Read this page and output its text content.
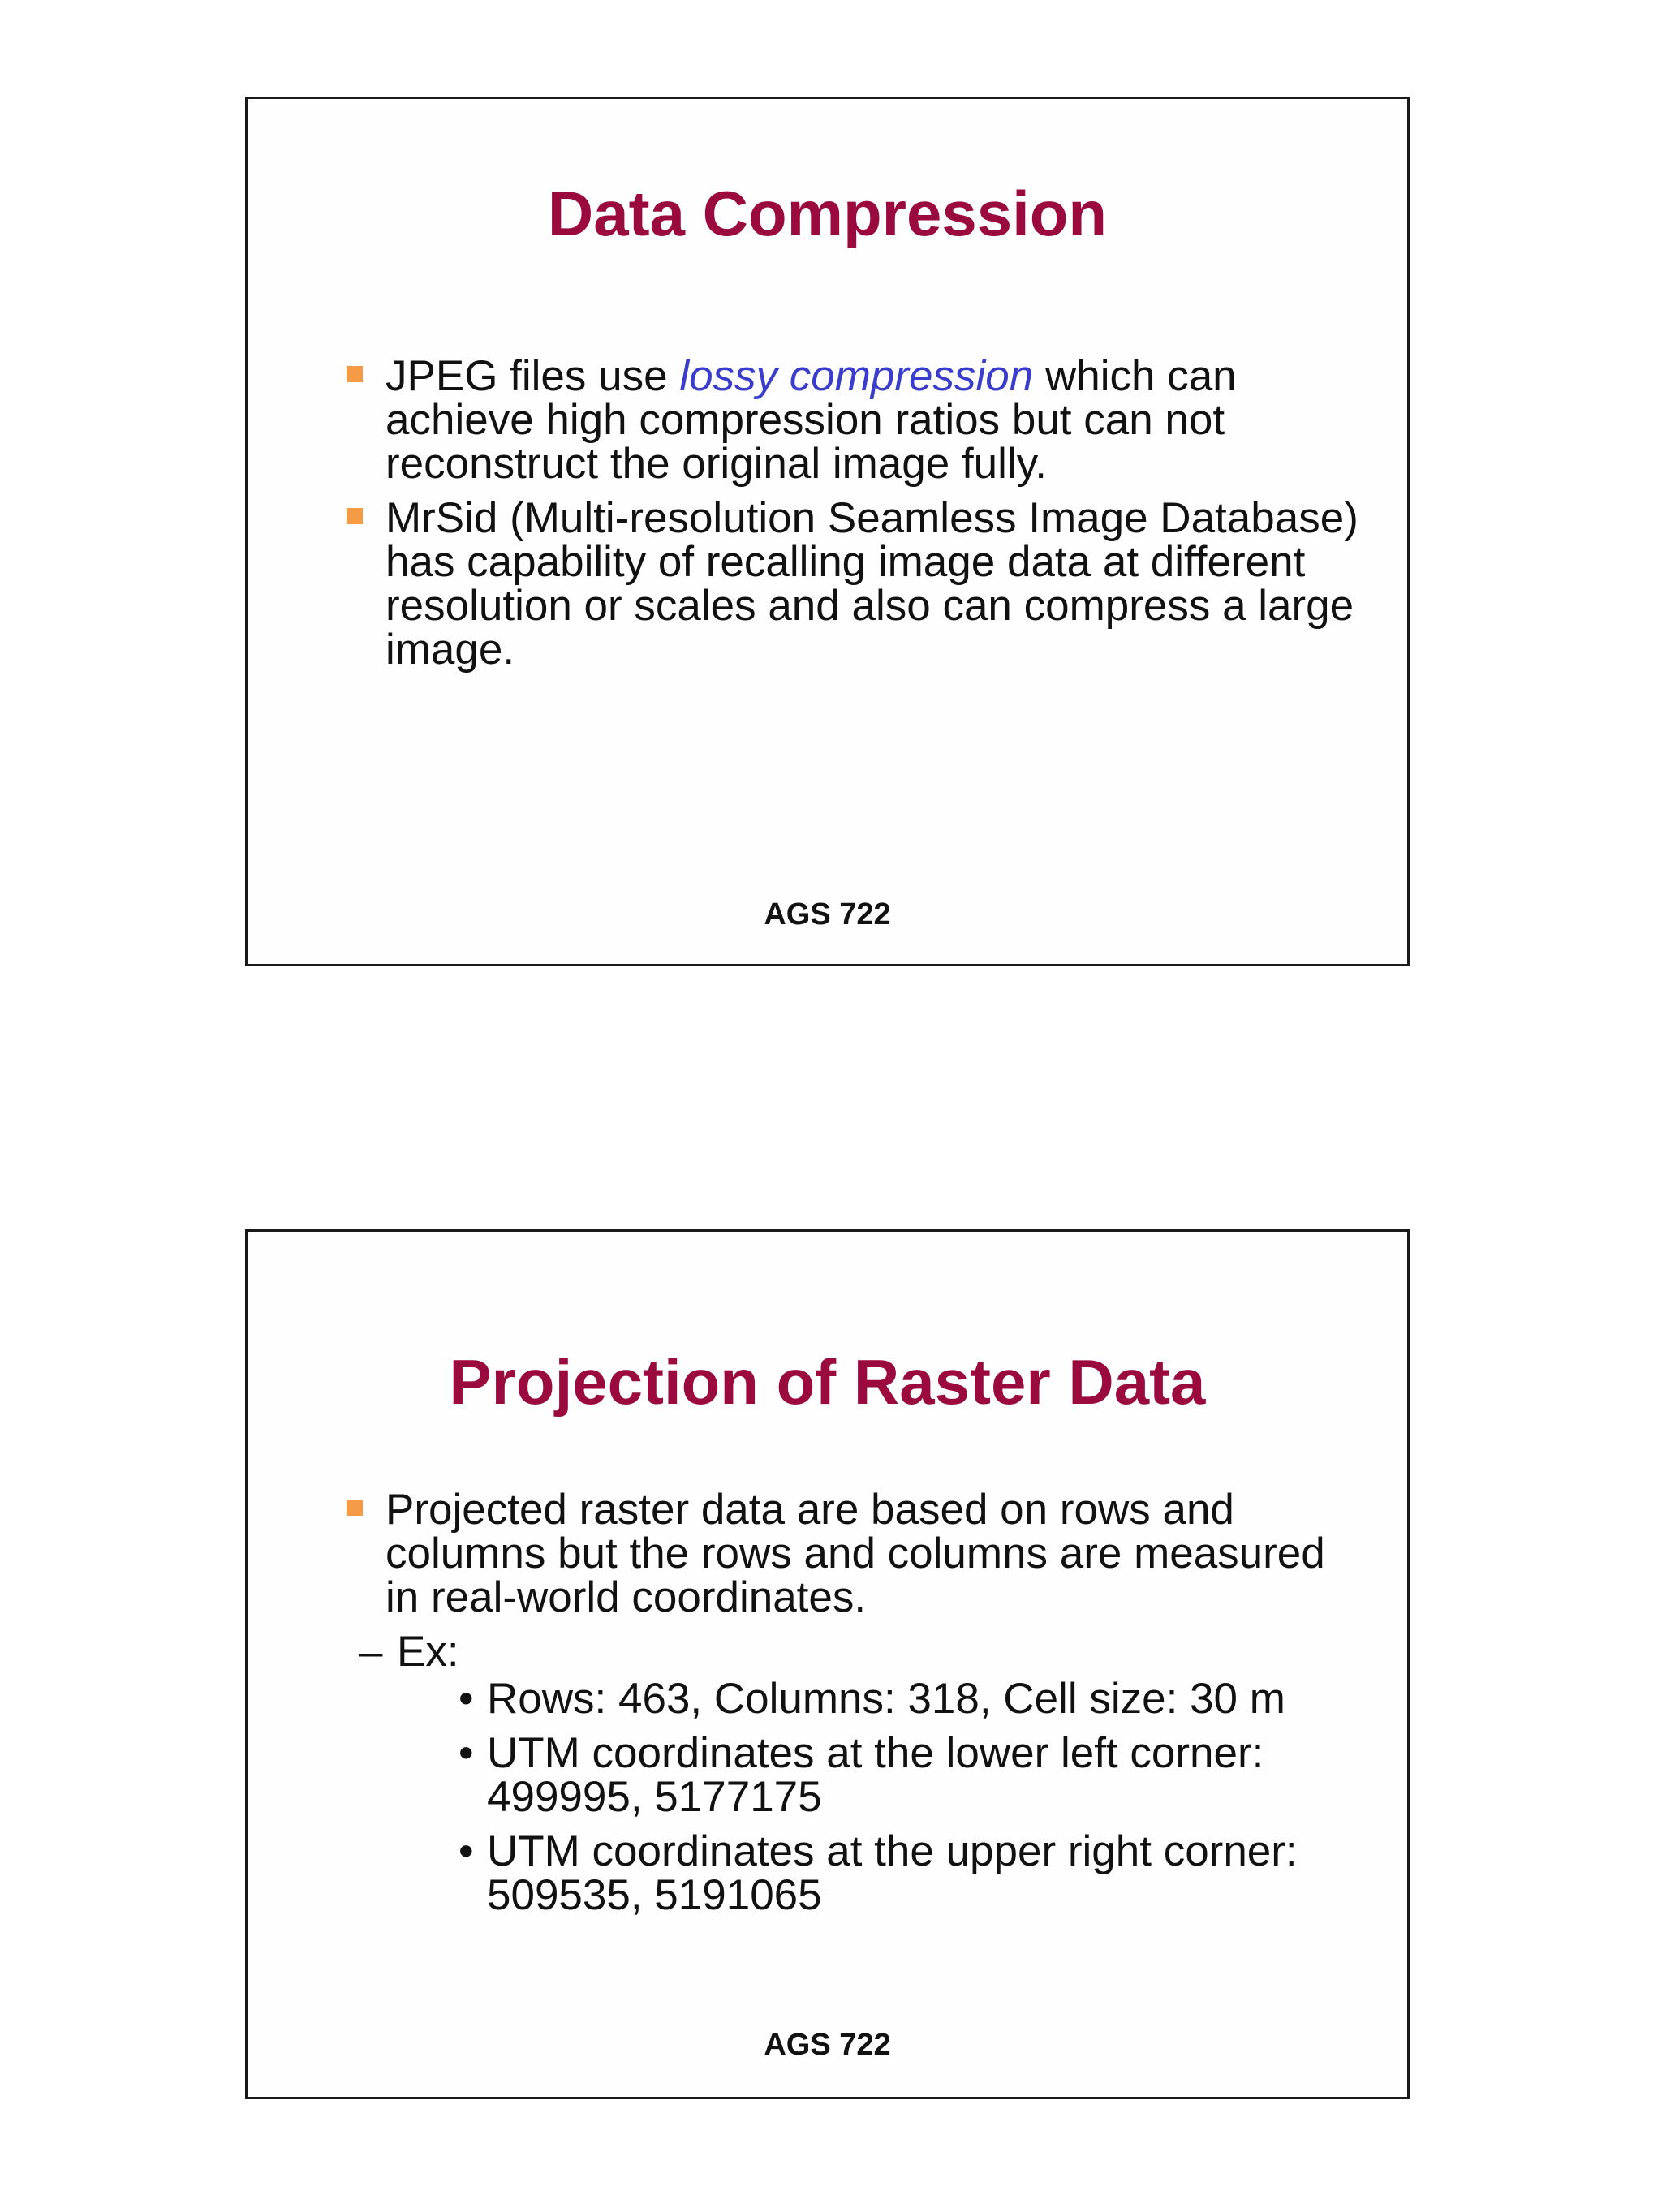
Data Compression
JPEG files use lossy compression which can achieve high compression ratios but can not reconstruct the original image fully.
MrSid (Multi-resolution Seamless Image Database) has capability of recalling image data at different resolution or scales and also can compress a large image.
AGS 722
Projection of Raster Data
Projected raster data are based on rows and columns but the rows and columns are measured in real-world coordinates.
– Ex:
• Rows: 463, Columns: 318, Cell size: 30 m
• UTM coordinates at the lower left corner: 499995, 5177175
• UTM coordinates at the upper right corner: 509535, 5191065
AGS 722
